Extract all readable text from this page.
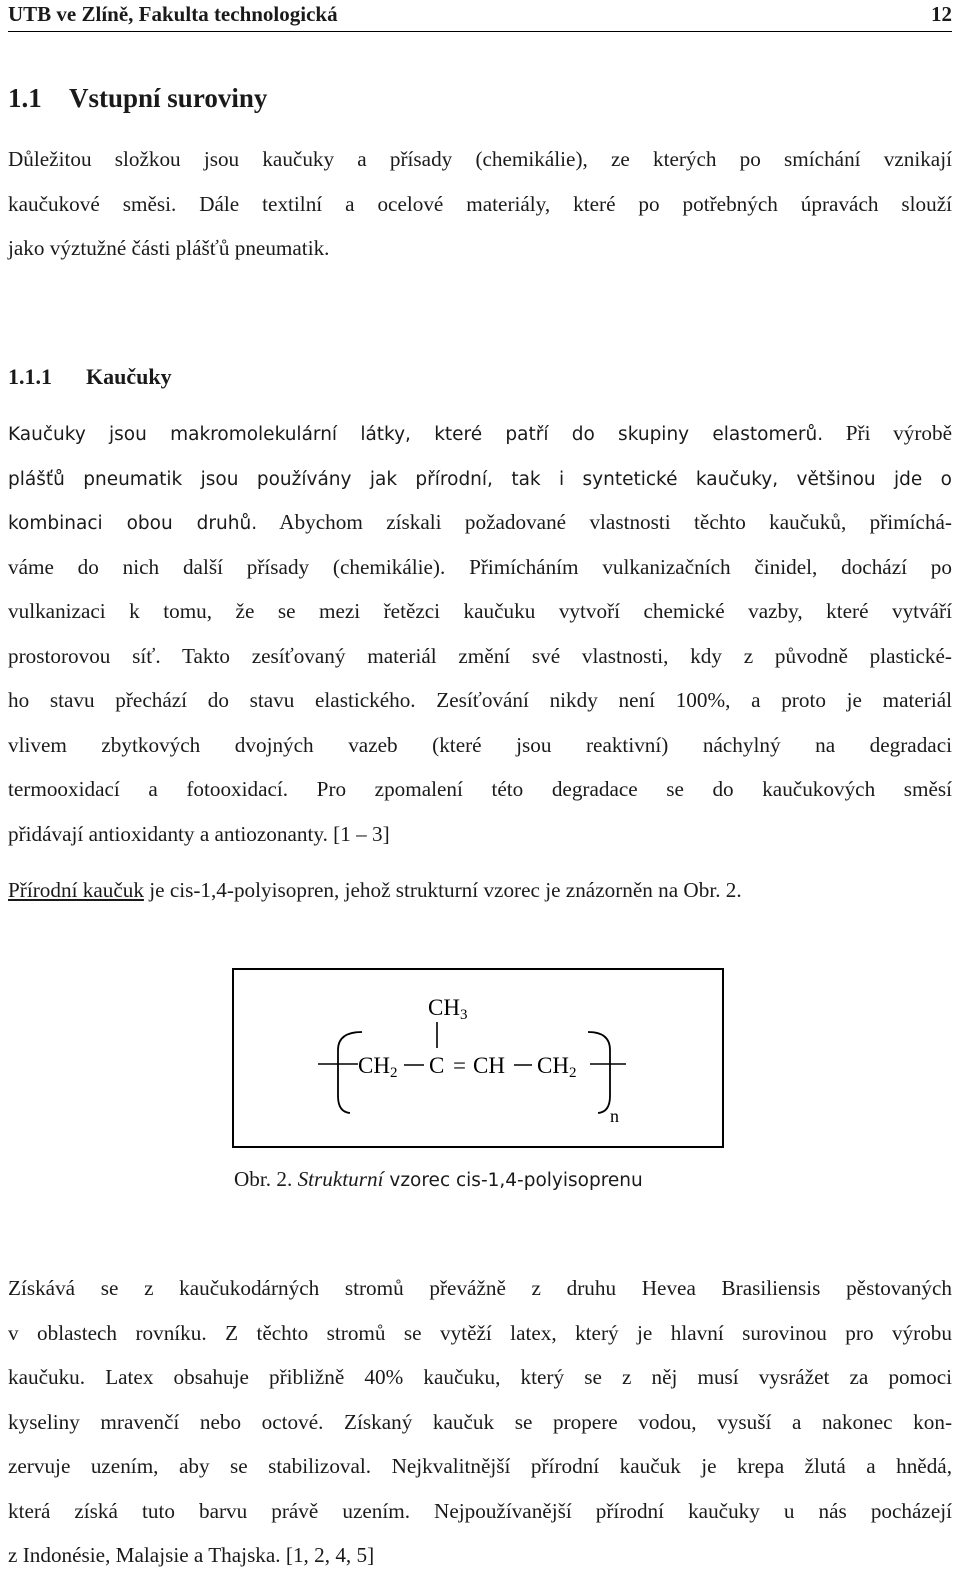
UTB ve Zlíně, Fakulta technologická	12
1.1 Vstupní suroviny
Důležitou složkou jsou kaučuky a přísady (chemikálie), ze kterých po smíchání vznikají
kaučukové směsi. Dále textilní a ocelové materiály, které po potřebných úpravách slouží
jako výztužné části plášťů pneumatik.
1.1.1 Kaučuky
Kaučuky jsou makromolekulární látky, které patří do skupiny elastomerů. Při výrobě
plášťů pneumatik jsou používány jak přírodní, tak i syntetické kaučuky, většinou jde o
kombinaci obou druhů. Abychom získali požadované vlastnosti těchto kaučuků, přimíchá-
váme do nich další přísady (chemikálie). Přimícháním vulkanizačních činidel, dochází po
vulkanizaci k tomu, že se mezi řetězci kaučuku vytvoří chemické vazby, které vytváří
prostorovou síť. Takto zesíťovaný materiál změní své vlastnosti, kdy z původně plastické-
ho stavu přechází do stavu elastického. Zesíťování nikdy není 100%, a proto je materiál
vlivem zbytkových dvojných vazeb (které jsou reaktivní) náchylný na degradaci
termooxidací a fotooxidací. Pro zpomalení této degradace se do kaučukových směsí
přidávají antioxidanty a antiozonanty. [1 – 3]
Přírodní kaučuk je cis-1,4-polyisopren, jehož strukturní vzorec je znázorněn na Obr. 2.
CH3
CH2 C = CH CH2
n
Obr. 2. Strukturní vzorec cis-1,4-polyisoprenu
Získává se z kaučukodárných stromů převážně z druhu Hevea Brasiliensis pěstovaných
v oblastech rovníku. Z těchto stromů se vytěží latex, který je hlavní surovinou pro výrobu
kaučuku. Latex obsahuje přibližně 40% kaučuku, který se z něj musí vysrážet za pomoci
kyseliny mravenčí nebo octové. Získaný kaučuk se propere vodou, vysuší a nakonec kon-
zervuje uzením, aby se stabilizoval. Nejkvalitnější přírodní kaučuk je krepa žlutá a hnědá,
která získá tuto barvu právě uzením. Nejpoužívanější přírodní kaučuky u nás pocházejí
z Indonésie, Malajsie a Thajska. [1, 2, 4, 5]
